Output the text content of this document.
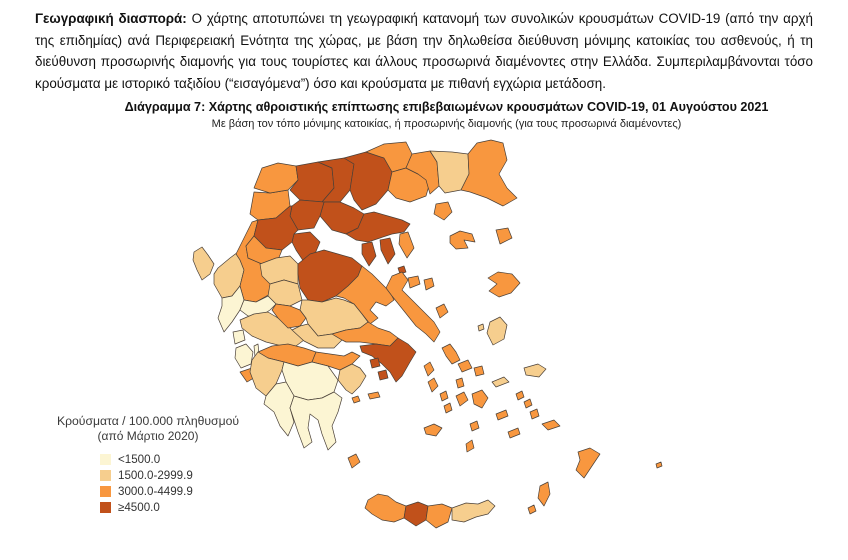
Γεωγραφική διασπορά: Ο χάρτης αποτυπώνει τη γεωγραφική κατανομή των συνολικών κρουσμάτων COVID-19 (από την αρχή της επιδημίας) ανά Περιφερειακή Ενότητα της χώρας, με βάση την δηλωθείσα διεύθυνση μόνιμης κατοικίας του ασθενούς, ή τη διεύθυνση προσωρινής διαμονής για τους τουρίστες και άλλους προσωρινά διαμένοντες στην Ελλάδα. Συμπεριλαμβάνονται τόσο κρούσματα με ιστορικό ταξιδίου (“εισαγόμενα”) όσο και κρούσματα με πιθανή εγχώρια μετάδοση.
Διάγραμμα 7: Χάρτης αθροιστικής επίπτωσης επιβεβαιωμένων κρουσμάτων COVID-19, 01 Αυγούστου 2021
Με βάση τον τόπο μόνιμης κατοικίας, ή προσωρινής διαμονής (για τους προσωρινά διαμένοντες)
Κρούσματα / 100.000 πληθυσμού
(από Μάρτιο 2020)
<1500.0
1500.0-2999.9
3000.0-4499.9
≥4500.0
